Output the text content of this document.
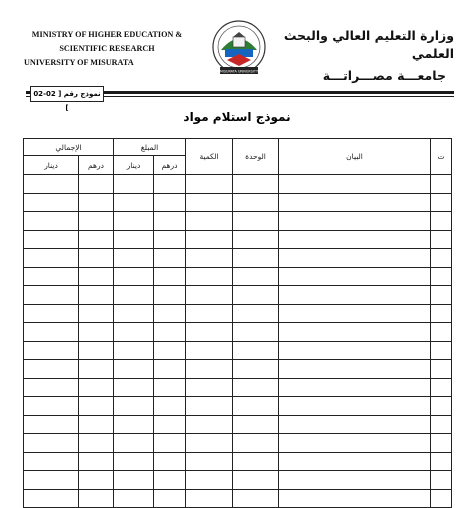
MINISTRY OF HIGHER EDUCATION &
SCIENTIFIC RESEARCH
UNIVERSITY OF MISURATA
MISURATA UNIVERSITY
وزارة التعليم العالي والبحث العلمي
جامعـــة مصـــراتـــة
نموذج رقم [ 02-02 ]
نموذج استلام مواد
الإجمالي		المبلغ		الكمية	الوحدة	البيان	ت
دينار	درهم	دينار	درهم				
